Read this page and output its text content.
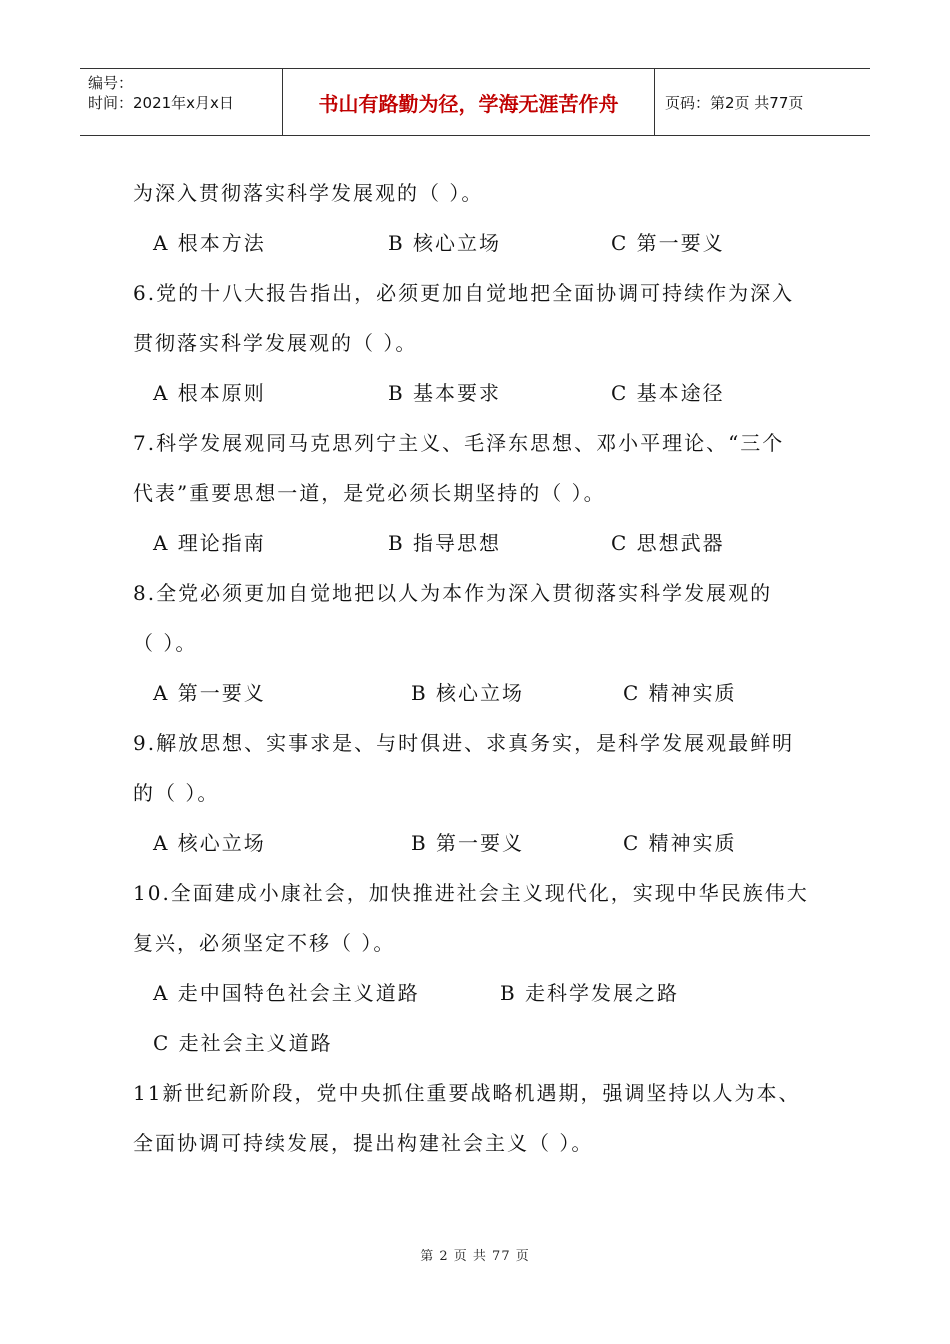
编号：
时间：2021年x月x日	书山有路勤为径，学海无涯苦作舟	页码：第2页 共77页
为深入贯彻落实科学发展观的（ ）。
A 根本方法	B 核心立场	C 第一要义
6.党的十八大报告指出，必须更加自觉地把全面协调可持续作为深入
贯彻落实科学发展观的（ ）。
A 根本原则	B 基本要求	C 基本途径
7.科学发展观同马克思列宁主义、毛泽东思想、邓小平理论、“三个
代表”重要思想一道，是党必须长期坚持的（ ）。
A 理论指南	B 指导思想	C 思想武器
8.全党必须更加自觉地把以人为本作为深入贯彻落实科学发展观的
（ ）。
A 第一要义	B 核心立场	C 精神实质
9.解放思想、实事求是、与时俱进、求真务实，是科学发展观最鲜明
的（ ）。
A 核心立场	B 第一要义	C 精神实质
10.全面建成小康社会，加快推进社会主义现代化，实现中华民族伟大
复兴，必须坚定不移（ ）。
A 走中国特色社会主义道路	B 走科学发展之路
C 走社会主义道路
11新世纪新阶段，党中央抓住重要战略机遇期，强调坚持以人为本、
全面协调可持续发展，提出构建社会主义（ ）。
第 2 页 共 77 页
